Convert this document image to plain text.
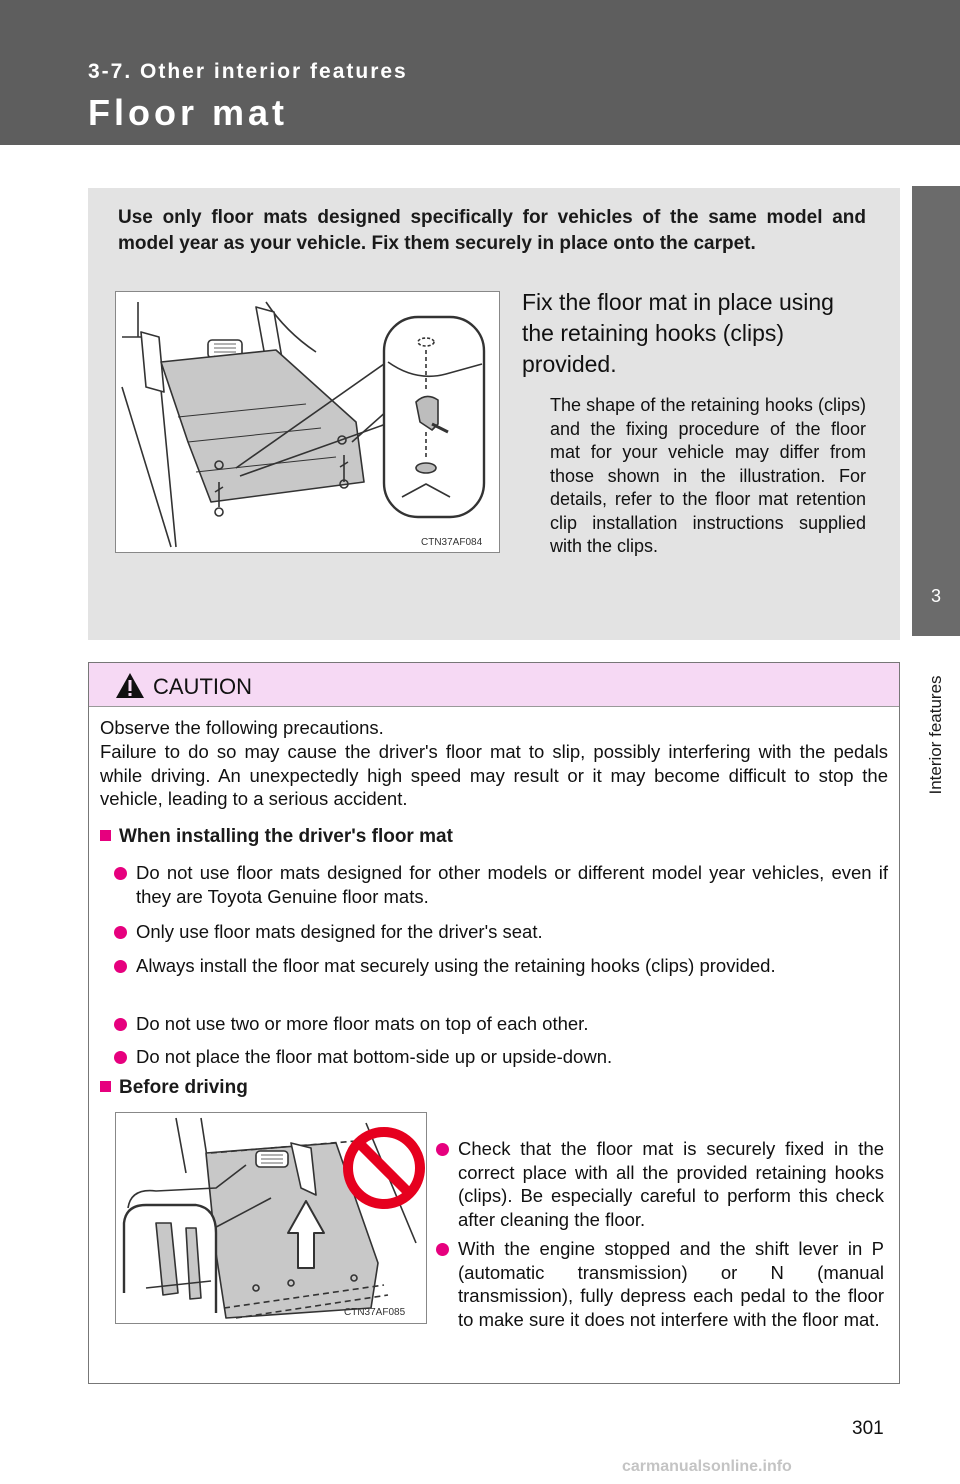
3-7. Other interior features
Floor mat
3
Interior features
Use only floor mats designed specifically for vehicles of the same model and model year as your vehicle. Fix them securely in place onto the carpet.
CTN37AF084
Fix the floor mat in place using the retaining hooks (clips) provided.
The shape of the retaining hooks (clips) and the fixing procedure of the floor mat for your vehicle may differ from those shown in the illustration. For details, refer to the floor mat retention clip installation instructions supplied with the clips.
CAUTION
Observe the following precautions.
Failure to do so may cause the driver's floor mat to slip, possibly interfering with the pedals while driving. An unexpectedly high speed may result or it may become difficult to stop the vehicle, leading to a serious accident.
When installing the driver's floor mat
Do not use floor mats designed for other models or different model year vehicles, even if they are Toyota Genuine floor mats.
Only use floor mats designed for the driver's seat.
Always install the floor mat securely using the retaining hooks (clips) provided.
Do not use two or more floor mats on top of each other.
Do not place the floor mat bottom-side up or upside-down.
Before driving
CTN37AF085
Check that the floor mat is securely fixed in the correct place with all the provided retaining hooks (clips). Be especially careful to perform this check after cleaning the floor.
With the engine stopped and the shift lever in P (automatic transmission) or N (manual transmission), fully depress each pedal to the floor to make sure it does not interfere with the floor mat.
301
carmanualsonline.info
